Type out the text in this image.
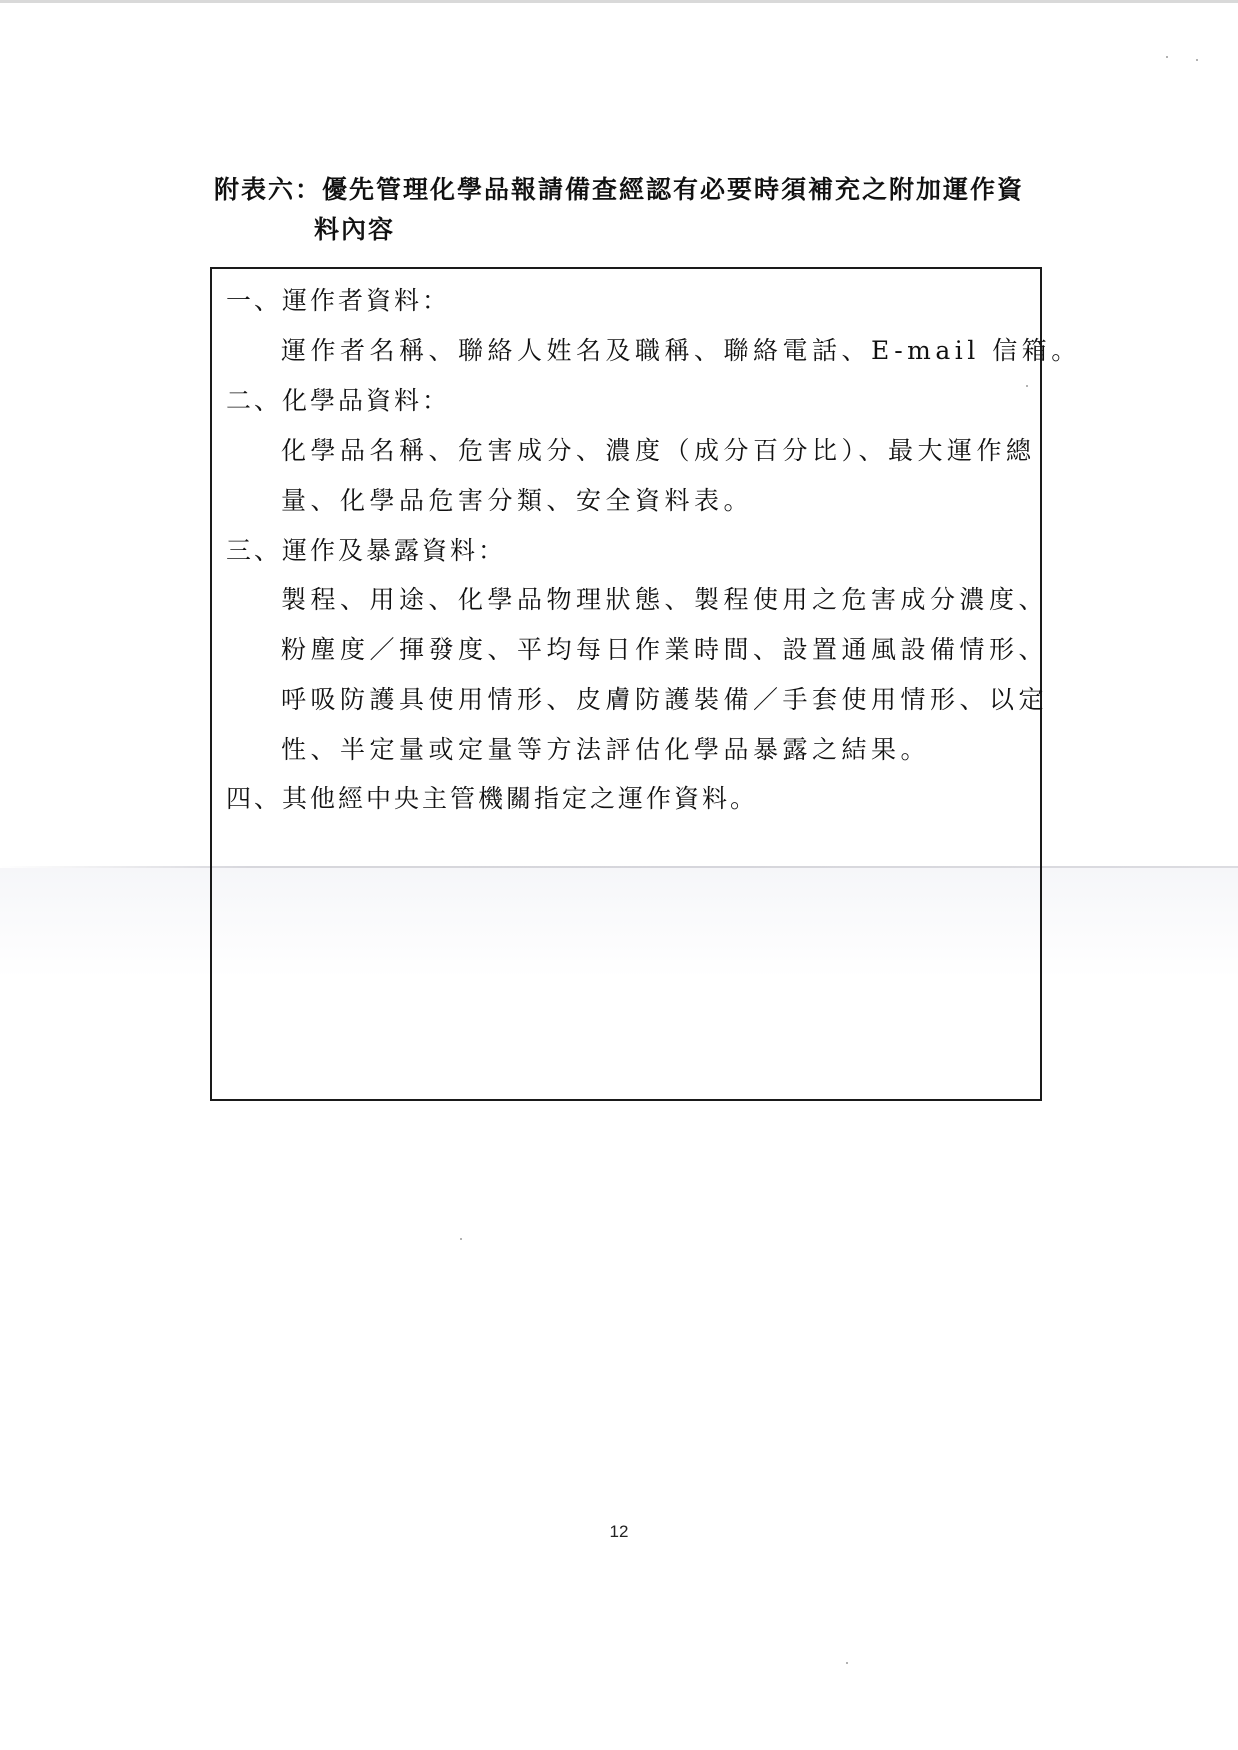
附表六：優先管理化學品報請備查經認有必要時須補充之附加運作資
料內容
一、運作者資料：
運作者名稱、聯絡人姓名及職稱、聯絡電話、E-mail 信箱。
二、化學品資料：
化學品名稱、危害成分、濃度（成分百分比）、最大運作總
量、化學品危害分類、安全資料表。
三、運作及暴露資料：
製程、用途、化學品物理狀態、製程使用之危害成分濃度、
粉塵度／揮發度、平均每日作業時間、設置通風設備情形、
呼吸防護具使用情形、皮膚防護裝備／手套使用情形、以定
性、半定量或定量等方法評估化學品暴露之結果。
四、其他經中央主管機關指定之運作資料。
12
